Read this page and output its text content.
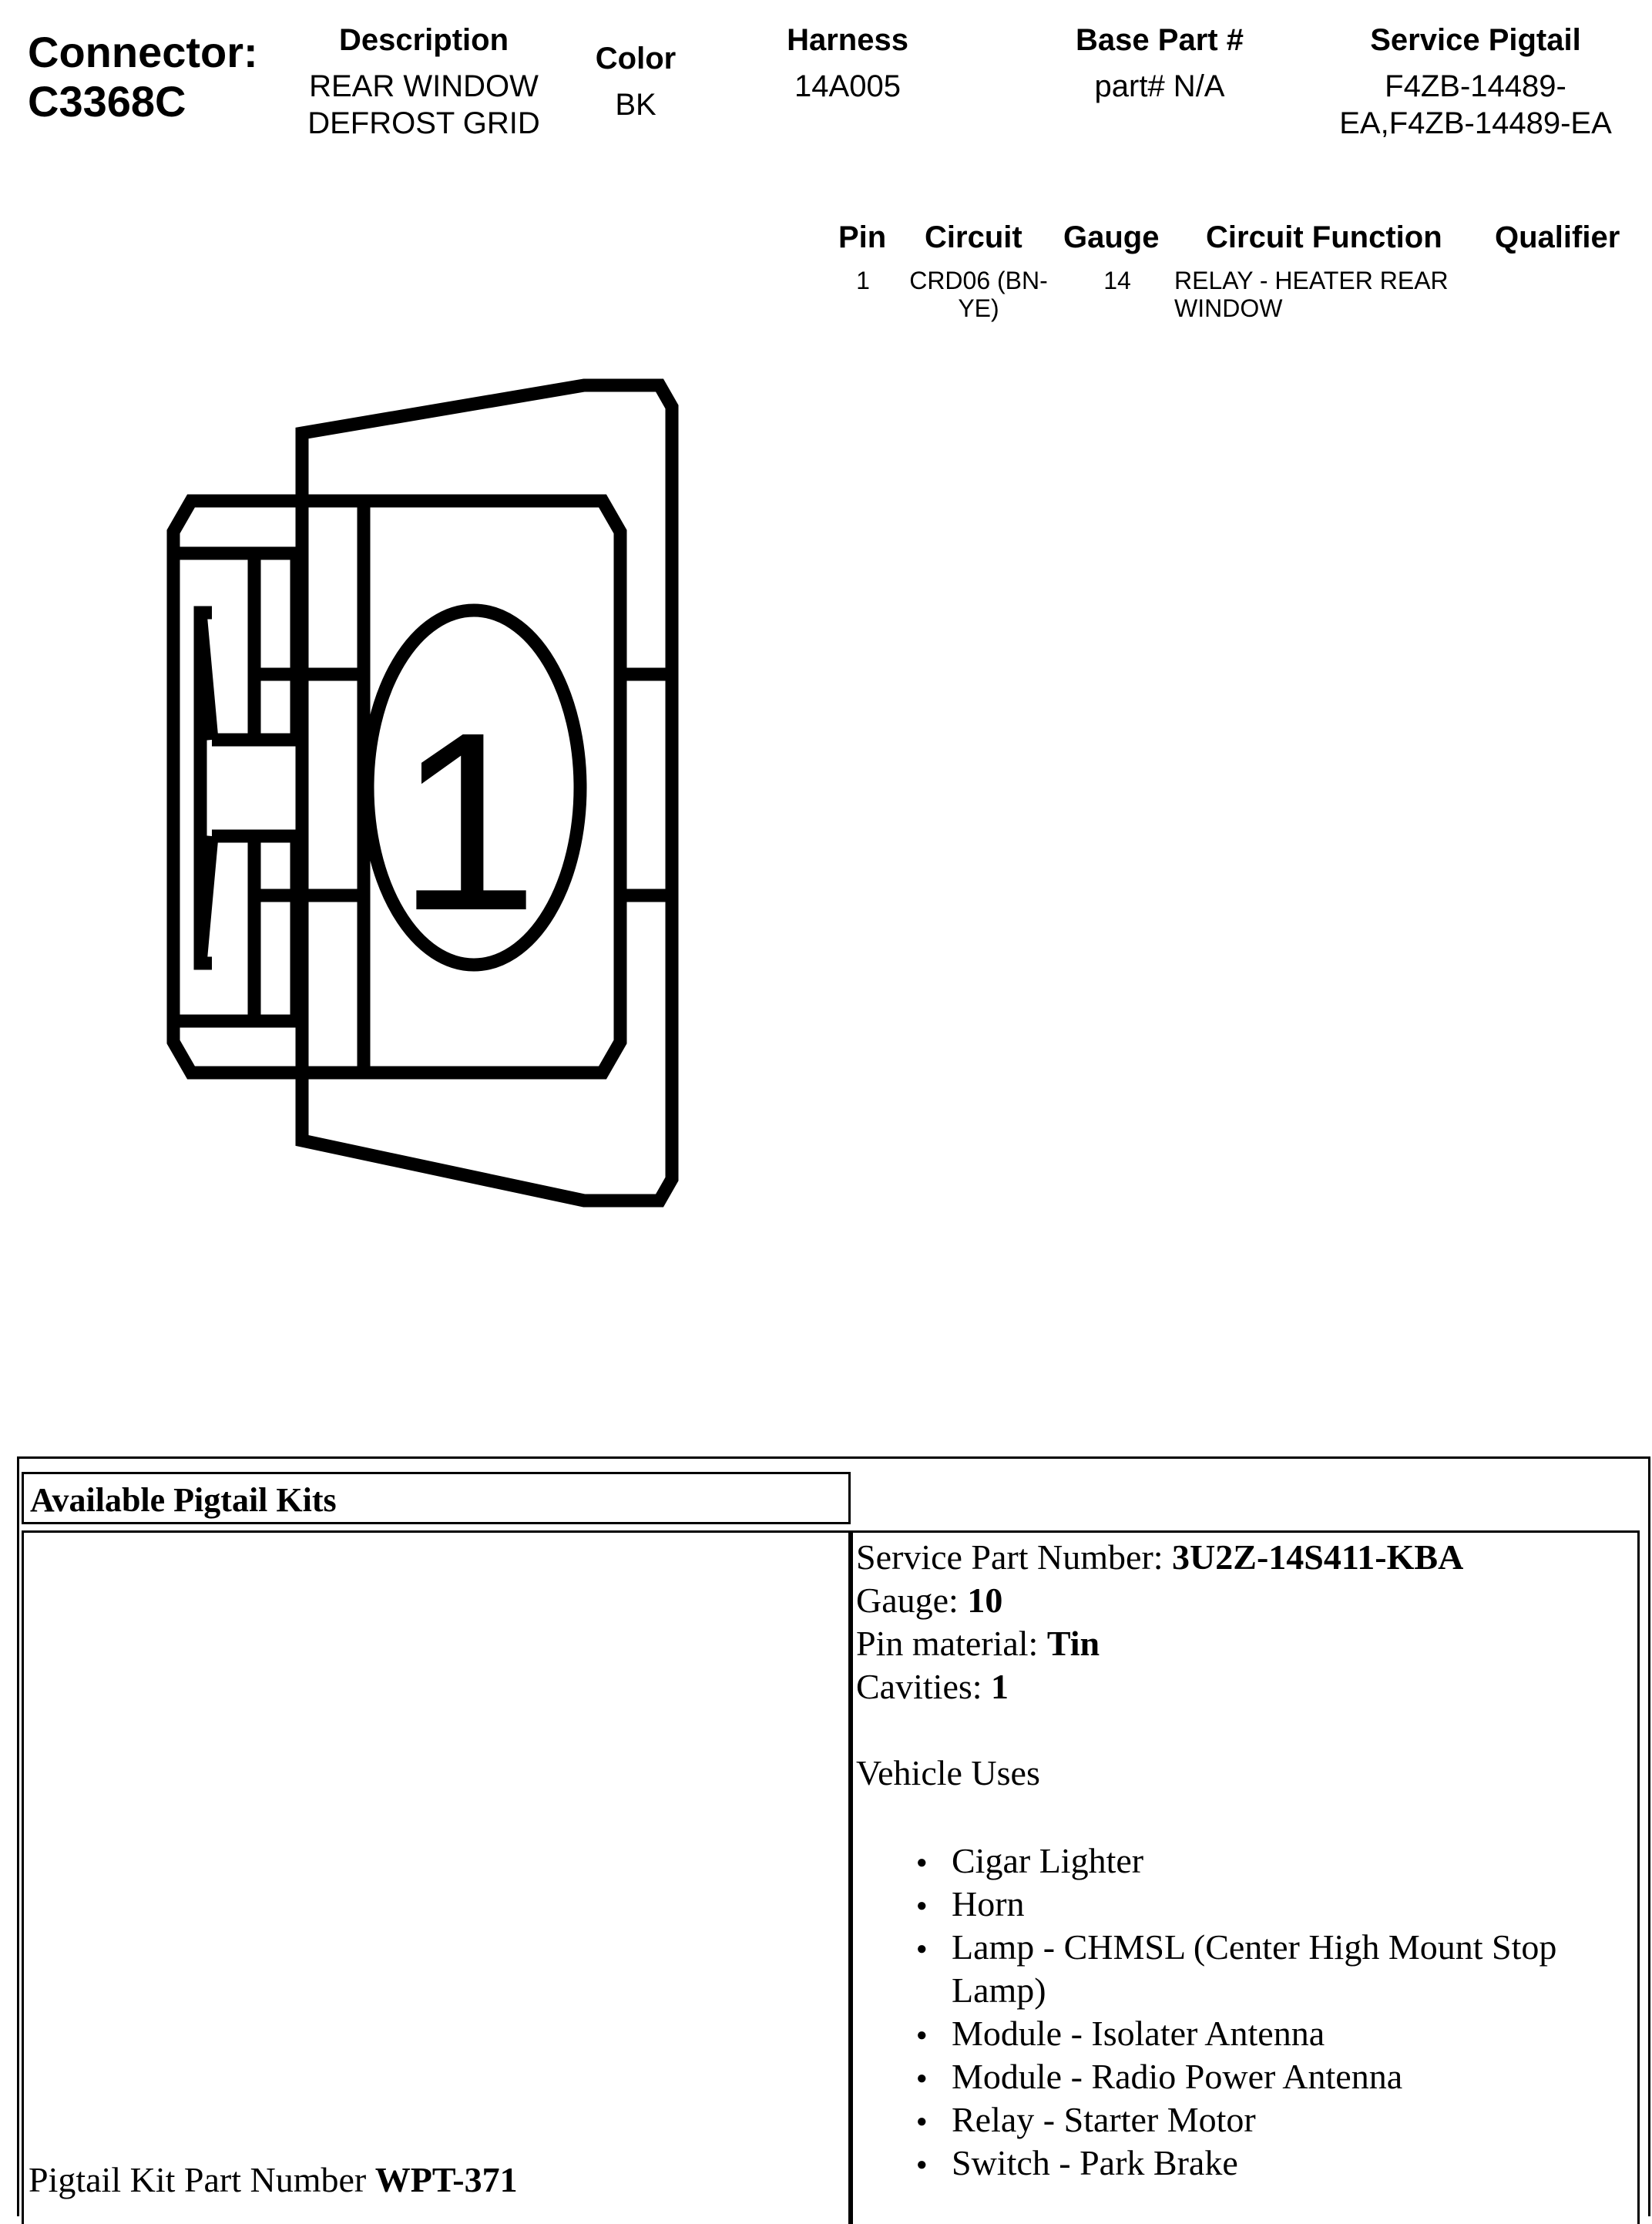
Connector:
C3368C
Description
REAR WINDOW
DEFROST GRID
Color
BK
Harness
14A005
Base Part #
part# N/A
Service Pigtail
F4ZB-14489-
EA,F4ZB-14489-EA
Pin Circuit Gauge Circuit Function Qualifier
1	CRD06 (BN-
YE)
14	RELAY - HEATER REAR
WINDOW
1
Available Pigtail Kits
Pigtail Kit Part Number WPT-371
Service Part Number: 3U2Z-14S411-KBA
Gauge: 10
Pin material: Tin
Cavities: 1
Vehicle Uses
● Cigar Lighter
● Horn
● Lamp - CHMSL (Center High Mount Stop Lamp)
● Module - Isolater Antenna
● Module - Radio Power Antenna
● Relay - Starter Motor
● Switch - Park Brake
